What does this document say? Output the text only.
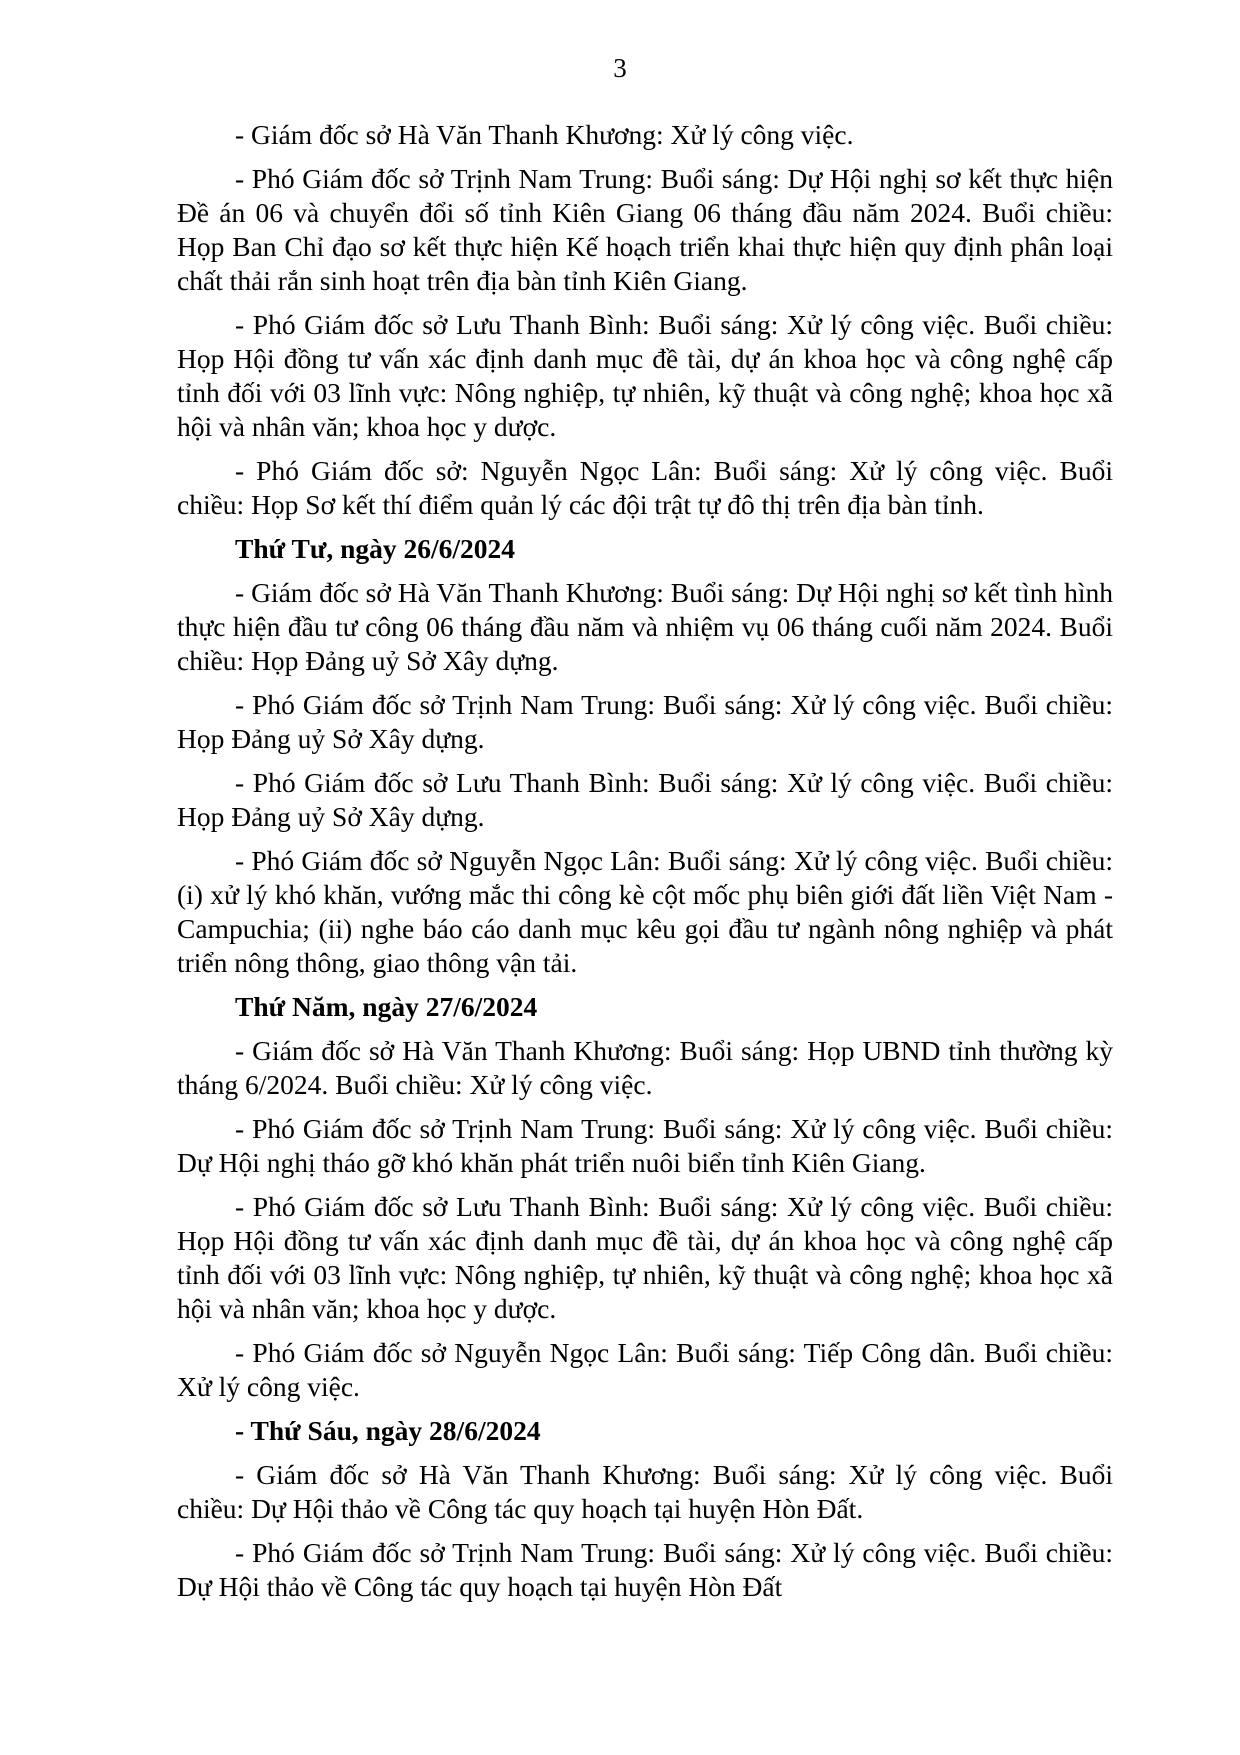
3

- Giám đốc sở Hà Văn Thanh Khương: Xử lý công việc.

- Phó Giám đốc sở Trịnh Nam Trung: Buổi sáng: Dự Hội nghị sơ kết thực hiện Đề án 06 và chuyển đổi số tỉnh Kiên Giang 06 tháng đầu năm 2024. Buổi chiều: Họp Ban Chỉ đạo sơ kết thực hiện Kế hoạch triển khai thực hiện quy định phân loại chất thải rắn sinh hoạt trên địa bàn tỉnh Kiên Giang.

- Phó Giám đốc sở Lưu Thanh Bình: Buổi sáng: Xử lý công việc. Buổi chiều: Họp Hội đồng tư vấn xác định danh mục đề tài, dự án khoa học và công nghệ cấp tỉnh đối với 03 lĩnh vực: Nông nghiệp, tự nhiên, kỹ thuật và công nghệ; khoa học xã hội và nhân văn; khoa học y dược.

- Phó Giám đốc sở: Nguyễn Ngọc Lân: Buổi sáng: Xử lý công việc. Buổi chiều: Họp Sơ kết thí điểm quản lý các đội trật tự đô thị trên địa bàn tỉnh.

Thứ Tư, ngày 26/6/2024

- Giám đốc sở Hà Văn Thanh Khương: Buổi sáng: Dự Hội nghị sơ kết tình hình thực hiện đầu tư công 06 tháng đầu năm và nhiệm vụ 06 tháng cuối năm 2024. Buổi chiều: Họp Đảng uỷ Sở Xây dựng.

- Phó Giám đốc sở Trịnh Nam Trung: Buổi sáng: Xử lý công việc. Buổi chiều: Họp Đảng uỷ Sở Xây dựng.

- Phó Giám đốc sở Lưu Thanh Bình: Buổi sáng: Xử lý công việc. Buổi chiều: Họp Đảng uỷ Sở Xây dựng.

- Phó Giám đốc sở Nguyễn Ngọc Lân: Buổi sáng: Xử lý công việc. Buổi chiều: (i) xử lý khó khăn, vướng mắc thi công kè cột mốc phụ biên giới đất liền Việt Nam - Campuchia; (ii) nghe báo cáo danh mục kêu gọi đầu tư ngành nông nghiệp và phát triển nông thông, giao thông vận tải.

Thứ Năm, ngày 27/6/2024

- Giám đốc sở Hà Văn Thanh Khương: Buổi sáng: Họp UBND tỉnh thường kỳ tháng 6/2024. Buổi chiều: Xử lý công việc.

- Phó Giám đốc sở Trịnh Nam Trung: Buổi sáng: Xử lý công việc. Buổi chiều: Dự Hội nghị tháo gỡ khó khăn phát triển nuôi biển tỉnh Kiên Giang.

- Phó Giám đốc sở Lưu Thanh Bình: Buổi sáng: Xử lý công việc. Buổi chiều: Họp Hội đồng tư vấn xác định danh mục đề tài, dự án khoa học và công nghệ cấp tỉnh đối với 03 lĩnh vực: Nông nghiệp, tự nhiên, kỹ thuật và công nghệ; khoa học xã hội và nhân văn; khoa học y dược.

- Phó Giám đốc sở Nguyễn Ngọc Lân: Buổi sáng: Tiếp Công dân. Buổi chiều: Xử lý công việc.

- Thứ Sáu, ngày 28/6/2024

- Giám đốc sở Hà Văn Thanh Khương: Buổi sáng: Xử lý công việc. Buổi chiều: Dự Hội thảo về Công tác quy hoạch tại huyện Hòn Đất.

- Phó Giám đốc sở Trịnh Nam Trung: Buổi sáng: Xử lý công việc. Buổi chiều: Dự Hội thảo về Công tác quy hoạch tại huyện Hòn Đất
